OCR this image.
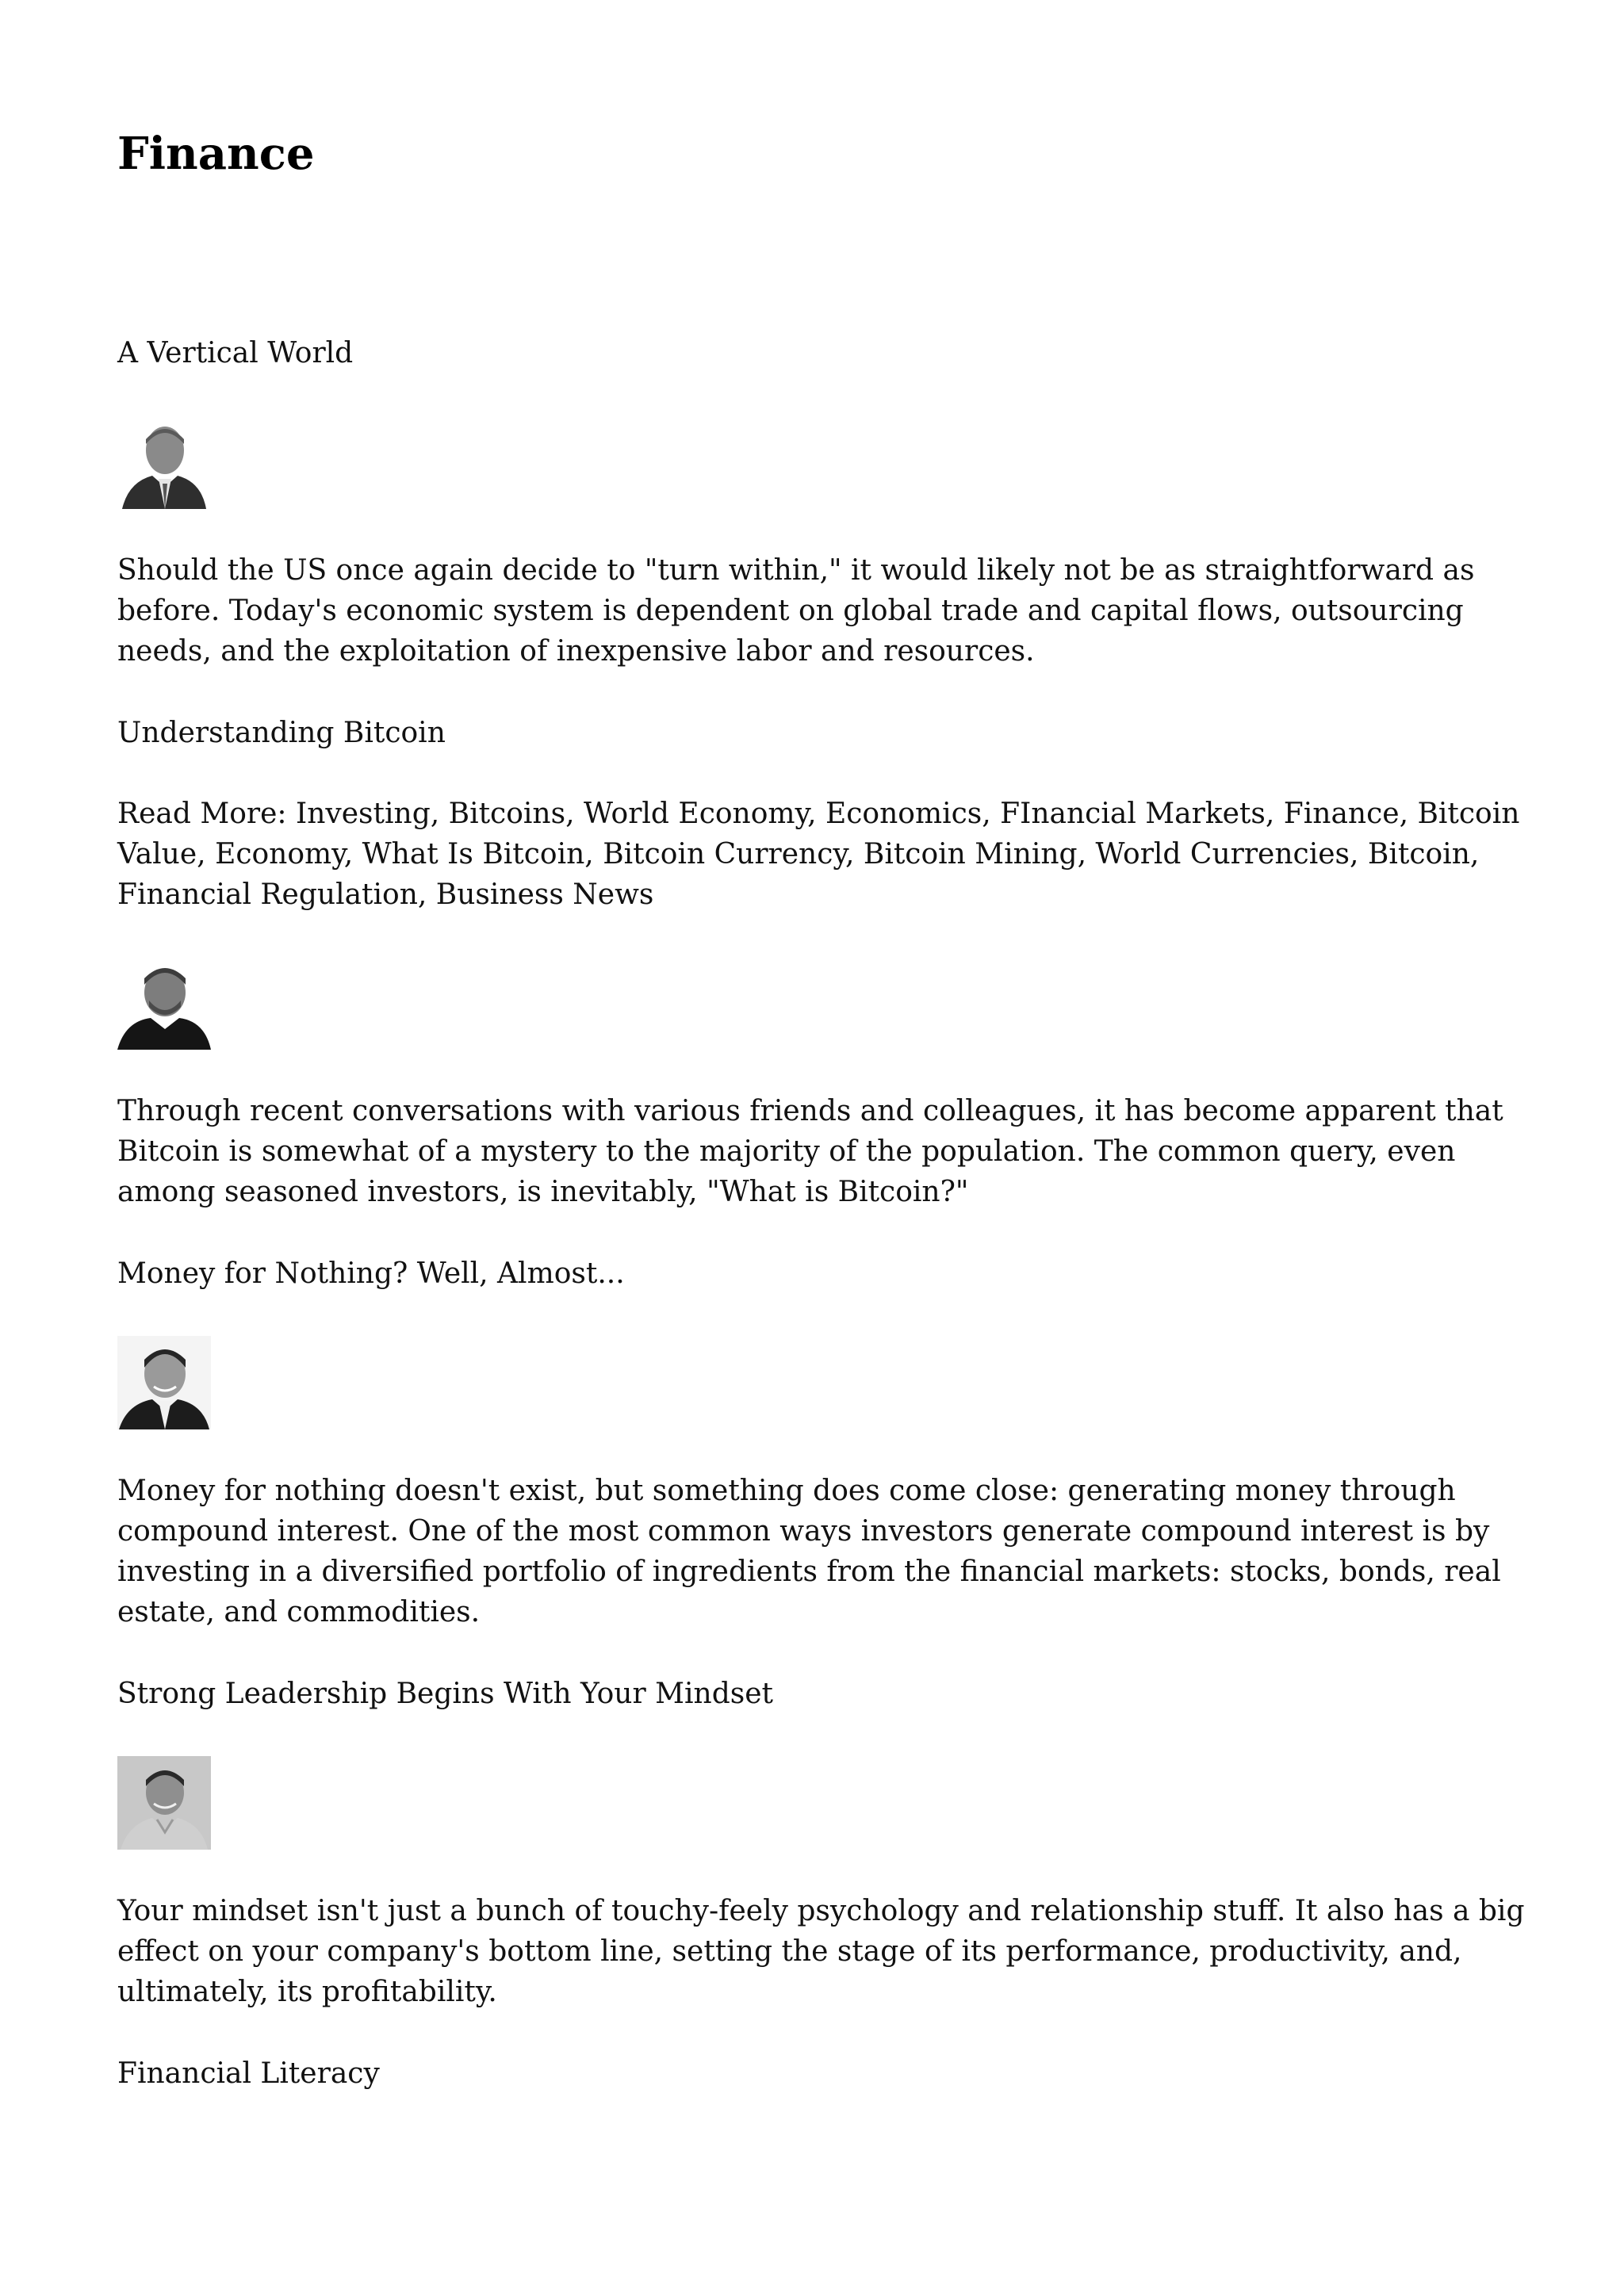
Finance
A Vertical World

Should the US once again decide to "turn within," it would likely not be as straightforward as before. Today's economic system is dependent on global trade and capital flows, outsourcing needs, and the exploitation of inexpensive labor and resources.

Understanding Bitcoin

Read More: Investing, Bitcoins, World Economy, Economics, FInancial Markets, Finance, Bitcoin Value, Economy, What Is Bitcoin, Bitcoin Currency, Bitcoin Mining, World Currencies, Bitcoin, Financial Regulation, Business News

Through recent conversations with various friends and colleagues, it has become apparent that Bitcoin is somewhat of a mystery to the majority of the population. The common query, even among seasoned investors, is inevitably, "What is Bitcoin?"

Money for Nothing? Well, Almost...

Money for nothing doesn't exist, but something does come close: generating money through compound interest. One of the most common ways investors generate compound interest is by investing in a diversified portfolio of ingredients from the financial markets: stocks, bonds, real estate, and commodities.

Strong Leadership Begins With Your Mindset

Your mindset isn't just a bunch of touchy-feely psychology and relationship stuff. It also has a big effect on your company's bottom line, setting the stage of its performance, productivity, and, ultimately, its profitability.

Financial Literacy
